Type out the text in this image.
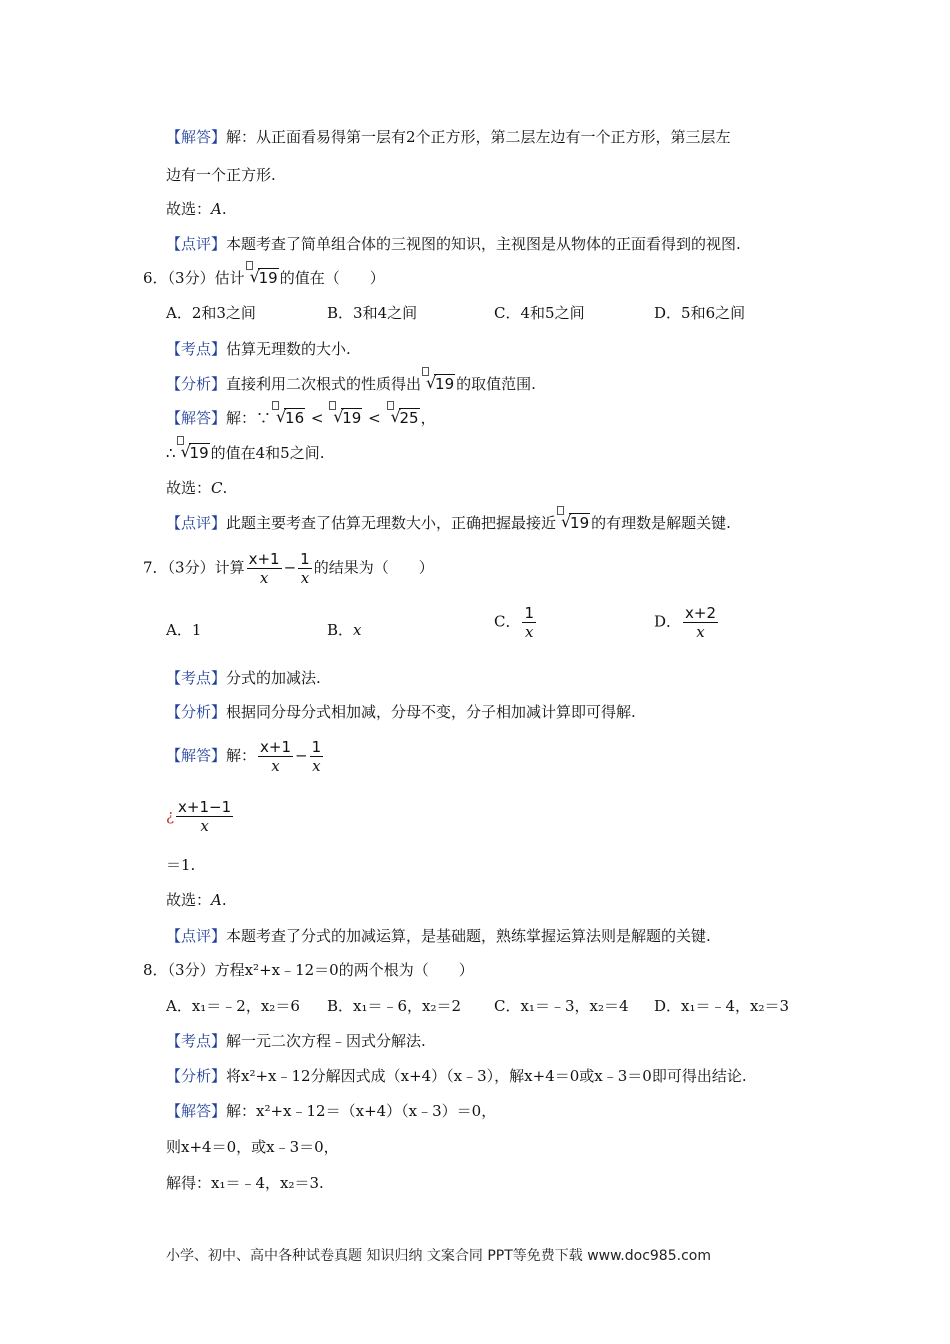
【解答】解：从正面看易得第一层有2个正方形，第二层左边有一个正方形，第三层左
边有一个正方形.
故选：A.
【点评】本题考查了简单组合体的三视图的知识，主视图是从物体的正面看得到的视图.
6．（3分）估计 √
19 的值在（　　）
A．2和3之间	B．3和4之间	C．4和5之间	D．5和6之间
【考点】估算无理数的大小.
【分析】直接利用二次根式的性质得出 √
19 的取值范围.
【解答】解：∵ √
16 < √
19 < √
25 ，
∴ √
19 的值在4和5之间.
故选：C.
【点评】此题主要考查了估算无理数大小，正确把握最接近 √
19 的有理数是解题关键.
7．（3分）计算 $\frac{x+1}{x} - \frac{1}{x}$ 的结果为（　　）
A．1	B．x	C． $\frac{1}{x}$	D． $\frac{x+2}{x}$
【考点】分式的加减法.
【分析】根据同分母分式相加减，分母不变，分子相加减计算即可得解.
【解答】解： $\frac{x+1}{x} - \frac{1}{x}$
¿ $\frac{x+1-1}{x}$
＝1.
故选：A.
【点评】本题考查了分式的加减运算，是基础题，熟练掌握运算法则是解题的关键.
8．（3分）方程x²+x﹣12＝0的两个根为（　　）
A．x₁＝﹣2，x₂＝6 B．x₁＝﹣6，x₂＝2 C．x₁＝﹣3，x₂＝4 D．x₁＝﹣4，x₂＝3
【考点】解一元二次方程﹣因式分解法.
【分析】将x²+x﹣12分解因式成（x+4）（x﹣3），解x+4＝0或x﹣3＝0即可得出结论.
【解答】解：x²+x﹣12＝（x+4）（x﹣3）＝0，
则x+4＝0，或x﹣3＝0，
解得：x₁＝﹣4，x₂＝3.
小学、初中、高中各种试卷真题 知识归纳 文案合同 PPT等免费下载 www.doc985.com
